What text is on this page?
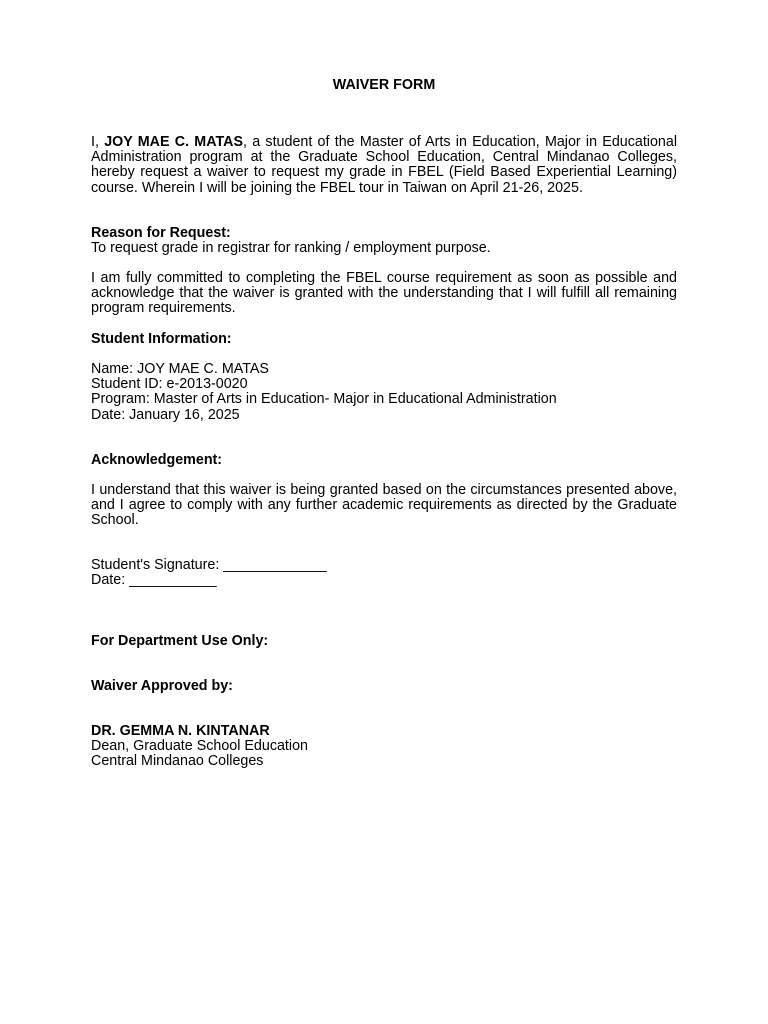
WAIVER FORM

I, JOY MAE C. MATAS, a student of the Master of Arts in Education, Major in Educational Administration program at the Graduate School Education, Central Mindanao Colleges, hereby request a waiver to request my grade in FBEL (Field Based Experiential Learning) course. Wherein I will be joining the FBEL tour in Taiwan on April 21-26, 2025.

Reason for Request:
To request grade in registrar for ranking / employment purpose.

I am fully committed to completing the FBEL course requirement as soon as possible and acknowledge that the waiver is granted with the understanding that I will fulfill all remaining program requirements.

Student Information:
Name: JOY MAE C. MATAS
Student ID: e-2013-0020
Program: Master of Arts in Education- Major in Educational Administration
Date: January 16, 2025
Acknowledgement:

I understand that this waiver is being granted based on the circumstances presented above, and I agree to comply with any further academic requirements as directed by the Graduate School.

Student's Signature: _____________
Date: ___________
For Department Use Only:
Waiver Approved by:
DR. GEMMA N. KINTANAR
Dean, Graduate School Education
Central Mindanao Colleges
